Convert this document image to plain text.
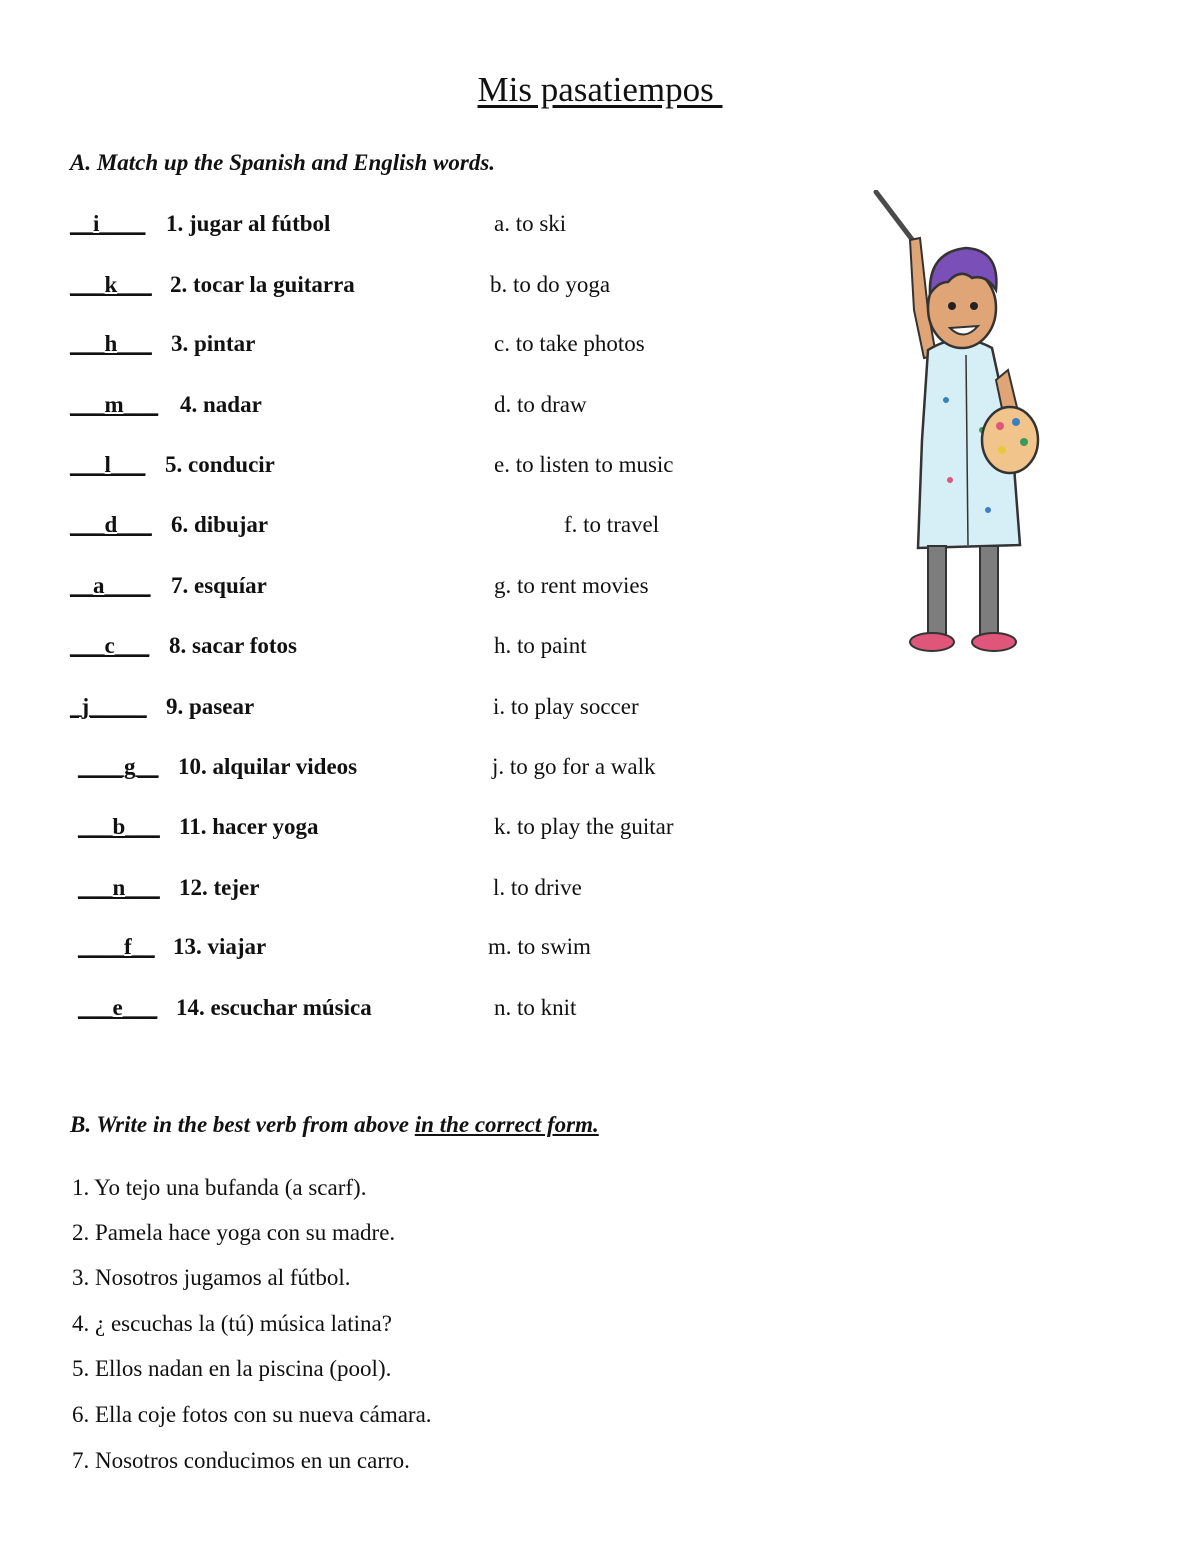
Mis pasatiempos

A. Match up the Spanish and English words.

__i____ 1. jugar al fútbol	a. to ski
___k___ 2. tocar la guitarra	b. to do yoga
___h___ 3. pintar	c. to take photos
___m___ 4. nadar	d. to draw
___l___ 5. conducir	e. to listen to music
___d___ 6. dibujar	f. to travel
__a____ 7. esquíar	g. to rent movies
___c___ 8. sacar fotos	h. to paint
_j_____ 9. pasear	i. to play soccer
____g__ 10. alquilar videos	j. to go for a walk
___b___ 11. hacer yoga	k. to play the guitar
___n___ 12. tejer	l. to drive
____f__ 13. viajar	m. to swim
___e___ 14. escuchar música	n. to knit

B. Write in the best verb from above in the correct form.

1. Yo tejo una bufanda (a scarf).
2. Pamela hace yoga con su madre.
3. Nosotros jugamos al fútbol.
4. ¿ escuchas la (tú) música latina?
5. Ellos nadan en la piscina (pool).
6. Ella coje fotos con su nueva cámara.
7. Nosotros conducimos en un carro.
